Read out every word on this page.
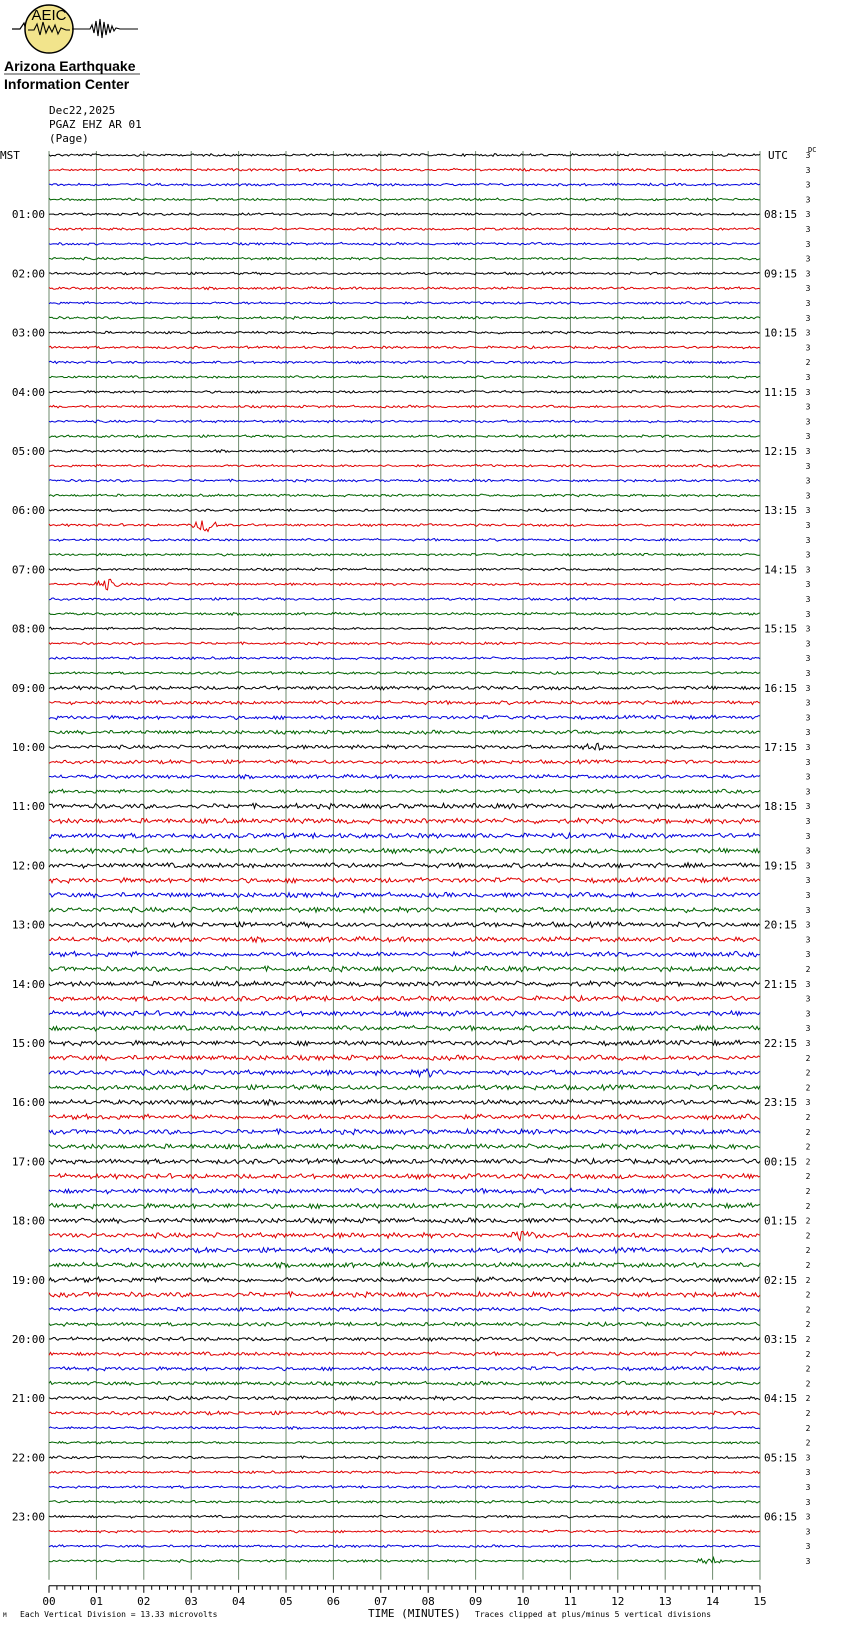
AEIC
Arizona Earthquake
Information Center
Dec22,2025
PGAZ EHZ AR 01
(Page)
3
3
3
3
3
3
3
3
3
3
3
3
3
3
2
3
3
3
3
3
3
3
3
3
3
3
3
3
3
3
3
3
3
3
3
3
3
3
3
3
3
3
3
3
3
3
3
3
3
3
3
3
3
3
3
2
3
3
3
3
3
2
2
2
3
2
2
2
2
2
2
2
2
2
2
2
2
2
2
2
2
2
2
2
2
2
2
2
3
3
3
3
3
3
3
3
01:00
02:00
03:00
04:00
05:00
06:00
07:00
08:00
09:00
10:00
11:00
12:00
13:00
14:00
15:00
16:00
17:00
18:00
19:00
20:00
21:00
22:00
23:00
08:15
09:15
10:15
11:15
12:15
13:15
14:15
15:15
16:15
17:15
18:15
19:15
20:15
21:15
22:15
23:15
00:15
01:15
02:15
03:15
04:15
05:15
06:15
MST	UTC	DC
00	01	02	03	04	05	06	07	08	09	10	11	12	13	14	15
M Each Vertical Division = 13.33 microvolts	TIME (MINUTES) Traces clipped at plus/minus 5 vertical divisions
